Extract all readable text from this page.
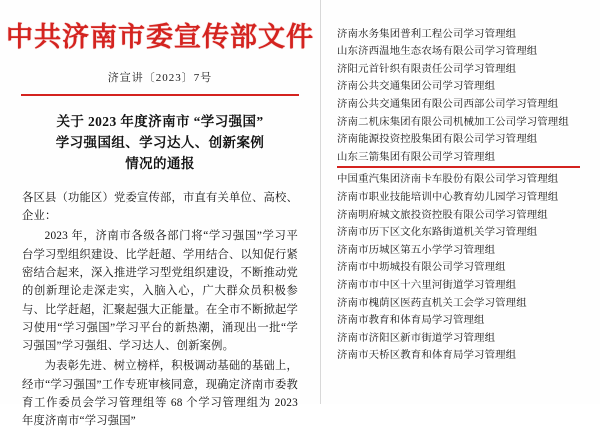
中共济南市委宣传部文件
济宣讲〔2023〕7号
关于 2023 年度济南市 “学习强国”
学习强国组、学习达人、创新案例
情况的通报

各区县（功能区）党委宣传部，市直有关单位、高校、企业：

2023 年，济南市各级各部门将“学习强国”学习平台学习型组织建设、比学赶超、学用结合、以知促行紧密结合起来，深入推进学习型党组织建设，不断推动党的创新理论走深走实，入脑入心，广大群众员积极参与、比学赶超，汇聚起强大正能量。在全市不断掀起学习使用“学习强国”学习平台的新热潮，涌现出一批“学习强国”学习强组、学习达人、创新案例。

为表彰先进、树立榜样，积极调动基础的基础上，经市“学习强国”工作专班审核同意，现确定济南市委教育工作委员会学习管理组等 68 个学习管理组为 2023 年度济南市“学习强国”

济南水务集团普利工程公司学习管理组
山东济西温地生态农场有限公司学习管理组
济阳元首针织有限责任公司学习管理组
济南公共交通集团公司学习管理组
济南公共交通集团有限公司西部公司学习管理组
济南二机床集团有限公司机械加工公司学习管理组
济南能源投资控股集团有限公司学习管理组
山东三箭集团有限公司学习管理组
中国重汽集团济南卡车股份有限公司学习管理组
济南市职业技能培训中心教育幼儿园学习管理组
济南明府城文旅投资控股有限公司学习管理组
济南市历下区文化东路街道机关学习管理组
济南市历城区第五小学学习管理组
济南市中坜城投有限公司学习管理组
济南市市中区十六里河街道学习管理组
济南市槐荫区医药直机关工会学习管理组
济南市教育和体育局学习管理组
济南市济阳区新市街道学习管理组
济南市天桥区教育和体育局学习管理组
